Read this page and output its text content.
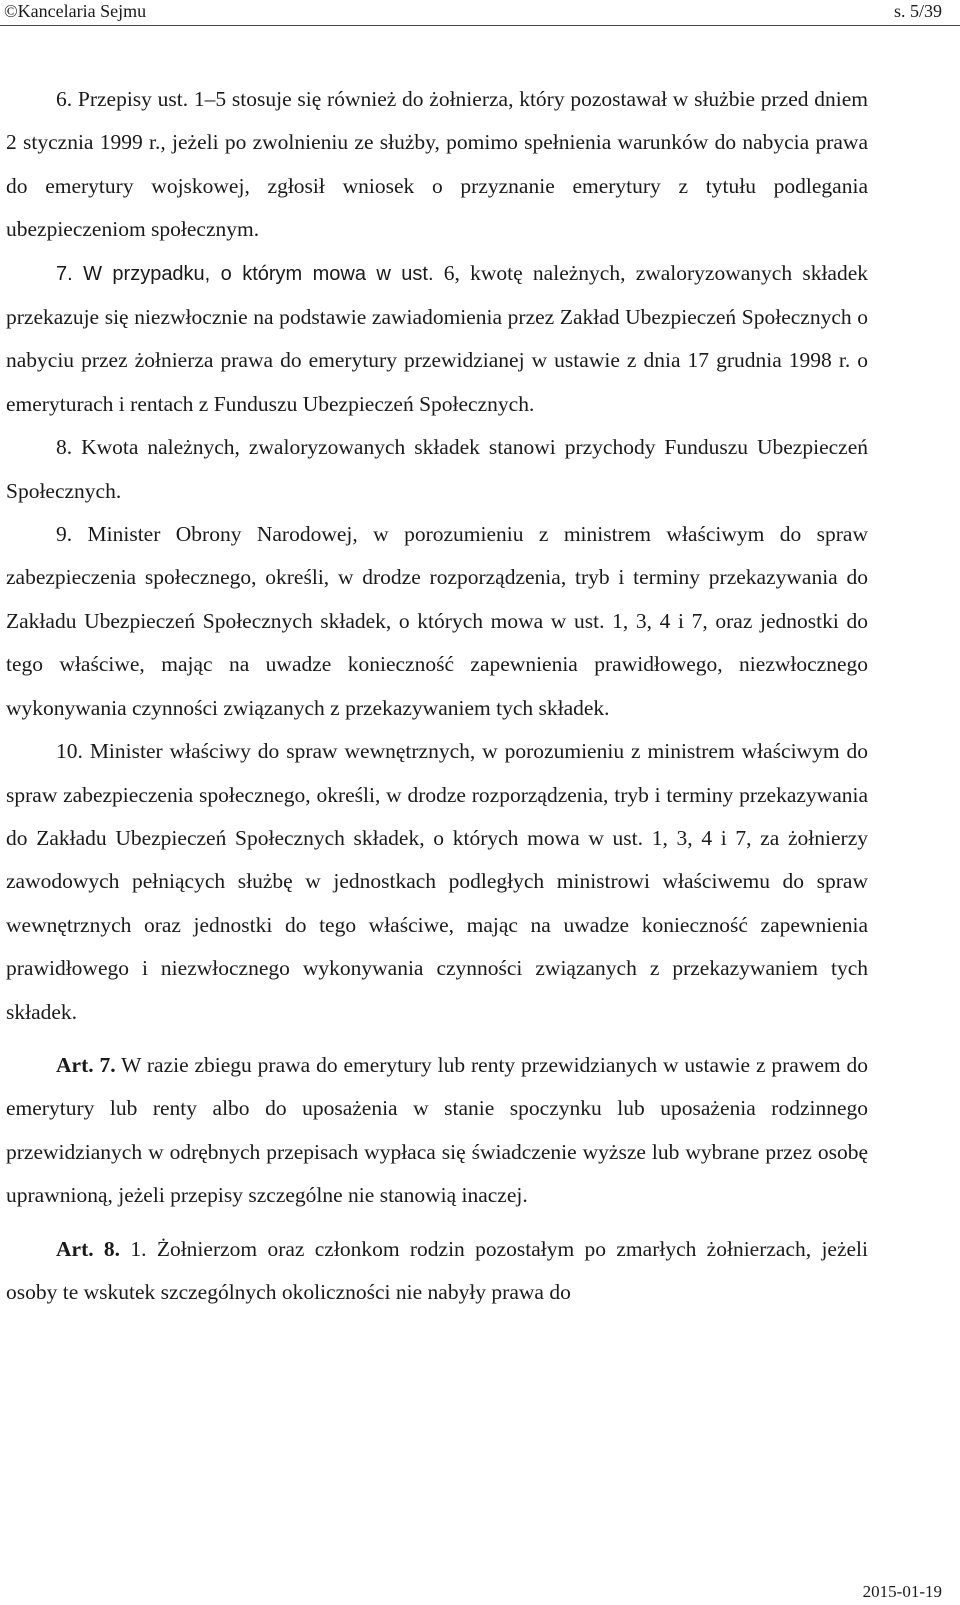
©Kancelaria Sejmu	s. 5/39

6. Przepisy ust. 1–5 stosuje się również do żołnierza, który pozostawał w służbie przed dniem 2 stycznia 1999 r., jeżeli po zwolnieniu ze służby, pomimo spełnienia warunków do nabycia prawa do emerytury wojskowej, zgłosił wniosek o przyznanie emerytury z tytułu podlegania ubezpieczeniom społecznym.

7. W przypadku, o którym mowa w ust. 6, kwotę należnych, zwaloryzowanych składek przekazuje się niezwłocznie na podstawie zawiadomienia przez Zakład Ubezpieczeń Społecznych o nabyciu przez żołnierza prawa do emerytury przewidzianej w ustawie z dnia 17 grudnia 1998 r. o emeryturach i rentach z Funduszu Ubezpieczeń Społecznych.

8. Kwota należnych, zwaloryzowanych składek stanowi przychody Funduszu Ubezpieczeń Społecznych.

9. Minister Obrony Narodowej, w porozumieniu z ministrem właściwym do spraw zabezpieczenia społecznego, określi, w drodze rozporządzenia, tryb i terminy przekazywania do Zakładu Ubezpieczeń Społecznych składek, o których mowa w ust. 1, 3, 4 i 7, oraz jednostki do tego właściwe, mając na uwadze konieczność zapewnienia prawidłowego, niezwłocznego wykonywania czynności związanych z przekazywaniem tych składek.

10. Minister właściwy do spraw wewnętrznych, w porozumieniu z ministrem właściwym do spraw zabezpieczenia społecznego, określi, w drodze rozporządzenia, tryb i terminy przekazywania do Zakładu Ubezpieczeń Społecznych składek, o których mowa w ust. 1, 3, 4 i 7, za żołnierzy zawodowych pełniących służbę w jednostkach podległych ministrowi właściwemu do spraw wewnętrznych oraz jednostki do tego właściwe, mając na uwadze konieczność zapewnienia prawidłowego i niezwłocznego wykonywania czynności związanych z przekazywaniem tych składek.

Art. 7. W razie zbiegu prawa do emerytury lub renty przewidzianych w ustawie z prawem do emerytury lub renty albo do uposażenia w stanie spoczynku lub uposażenia rodzinnego przewidzianych w odrębnych przepisach wypłaca się świadczenie wyższe lub wybrane przez osobę uprawnioną, jeżeli przepisy szczególne nie stanowią inaczej.

Art. 8. 1. Żołnierzom oraz członkom rodzin pozostałym po zmarłych żołnierzach, jeżeli osoby te wskutek szczególnych okoliczności nie nabyły prawa do

2015-01-19
